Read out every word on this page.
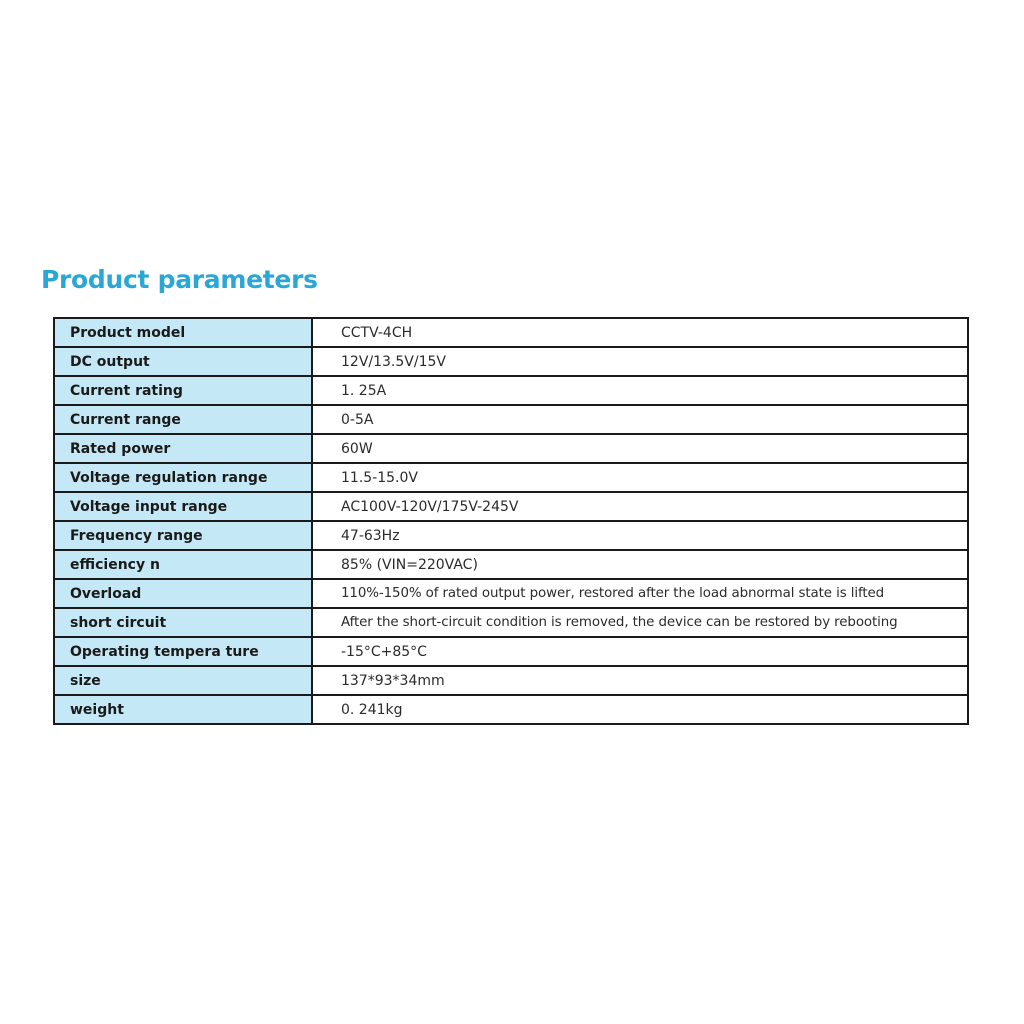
Product parameters
Product model	CCTV-4CH
DC output	12V/13.5V/15V
Current rating	1. 25A
Current range	0-5A
Rated power	60W
Voltage regulation range	11.5-15.0V
Voltage input range	AC100V-120V/175V-245V
Frequency range	47-63Hz
efficiency n	85% (VIN=220VAC)
Overload	110%-150% of rated output power, restored after the load abnormal state is lifted
short circuit	After the short-circuit condition is removed, the device can be restored by rebooting
Operating tempera ture	-15°C+85°C
size	137*93*34mm
weight	0. 241kg
